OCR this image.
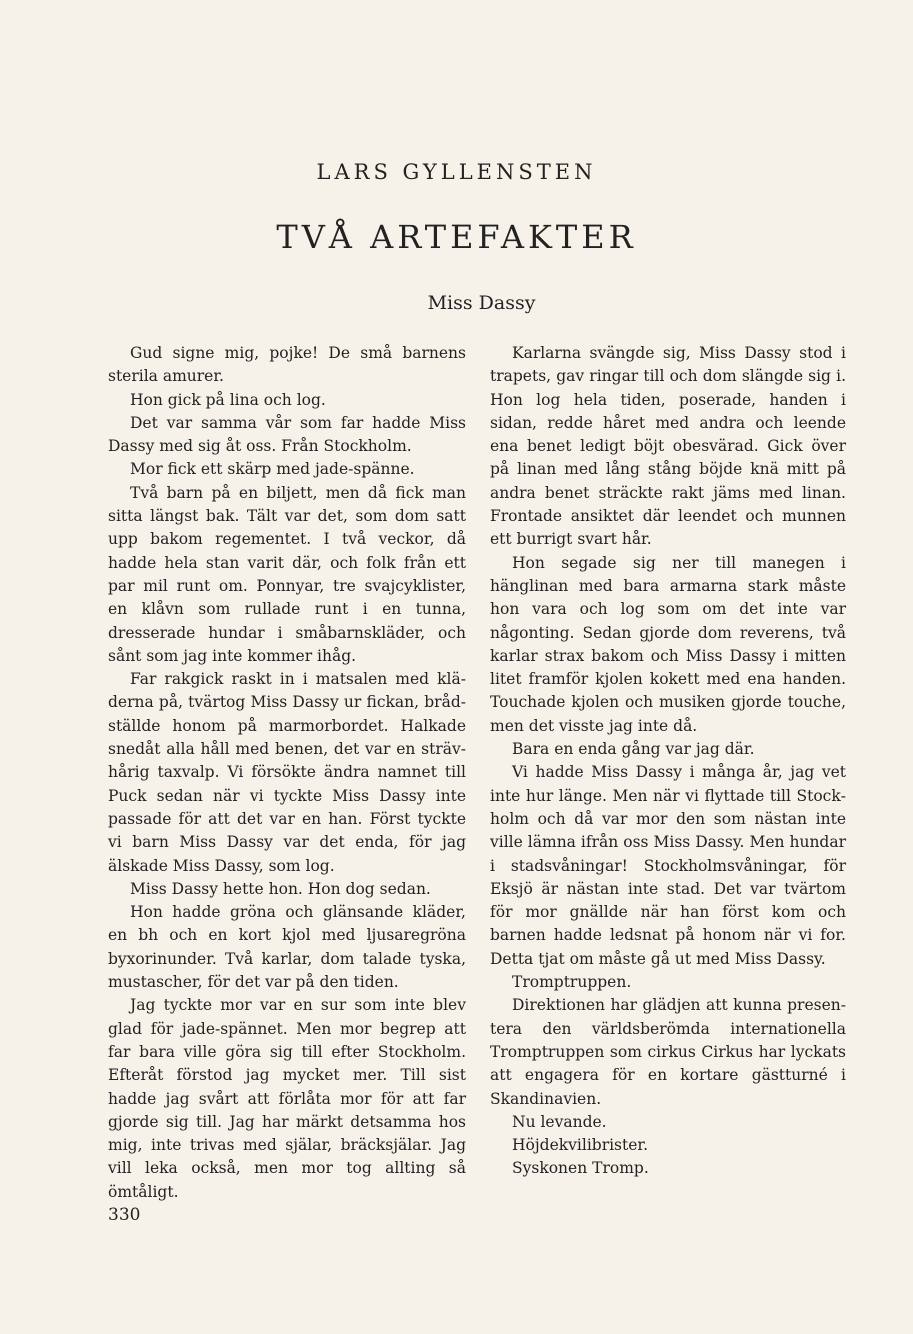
LARS GYLLENSTEN
TVÅ ARTEFAKTER
Miss Dassy

Gud signe mig, pojke! De små barnens sterila amurer.

Hon gick på lina och log.

Det var samma vår som far hadde Miss Dassy med sig åt oss. Från Stockholm.

Mor fick ett skärp med jade-spänne.

Två barn på en biljett, men då fick man sitta längst bak. Tält var det, som dom satt upp bakom regementet. I två veckor, då hadde hela stan varit där, och folk från ett par mil runt om. Ponnyar, tre svajcyklister, en klåvn som rullade runt i en tunna, dresserade hundar i småbarnskläder, och sånt som jag inte kommer ihåg.

Far rakgick raskt in i matsalen med kläderna på, tvärtog Miss Dassy ur fickan, brådställde honom på marmorbordet. Halkade snedåt alla håll med benen, det var en strävhårig taxvalp. Vi försökte ändra namnet till Puck sedan när vi tyckte Miss Dassy inte passade för att det var en han. Först tyckte vi barn Miss Dassy var det enda, för jag älskade Miss Dassy, som log.

Miss Dassy hette hon. Hon dog sedan.

Hon hadde gröna och glänsande kläder, en bh och en kort kjol med ljusaregröna byxorinunder. Två karlar, dom talade tyska, mustascher, för det var på den tiden.

Jag tyckte mor var en sur som inte blev glad för jade-spännet. Men mor begrep att far bara ville göra sig till efter Stockholm. Efteråt förstod jag mycket mer. Till sist hadde jag svårt att förlåta mor för att far gjorde sig till. Jag har märkt detsamma hos mig, inte trivas med själar, bräcksjälar. Jag vill leka också, men mor tog allting så ömtåligt.

Karlarna svängde sig, Miss Dassy stod i trapets, gav ringar till och dom slängde sig i. Hon log hela tiden, poserade, handen i sidan, redde håret med andra och leende ena benet ledigt böjt obesvärad. Gick över på linan med lång stång böjde knä mitt på andra benet sträckte rakt jäms med linan. Frontade ansiktet där leendet och munnen ett burrigt svart hår.

Hon segade sig ner till manegen i hänglinan med bara armarna stark måste hon vara och log som om det inte var någonting. Sedan gjorde dom reverens, två karlar strax bakom och Miss Dassy i mitten litet framför kjolen kokett med ena handen. Touchade kjolen och musiken gjorde touche, men det visste jag inte då.

Bara en enda gång var jag där.

Vi hadde Miss Dassy i många år, jag vet inte hur länge. Men när vi flyttade till Stockholm och då var mor den som nästan inte ville lämna ifrån oss Miss Dassy. Men hundar i stadsvåningar! Stockholmsvåningar, för Eksjö är nästan inte stad. Det var tvärtom för mor gnällde när han först kom och barnen hadde ledsnat på honom när vi for. Detta tjat om måste gå ut med Miss Dassy.

Tromptruppen.

Direktionen har glädjen att kunna presentera den världsberömda internationella Tromptruppen som cirkus Cirkus har lyckats att engagera för en kortare gästturné i Skandinavien.

Nu levande.

Höjdekvilibrister.

Syskonen Tromp.

330
